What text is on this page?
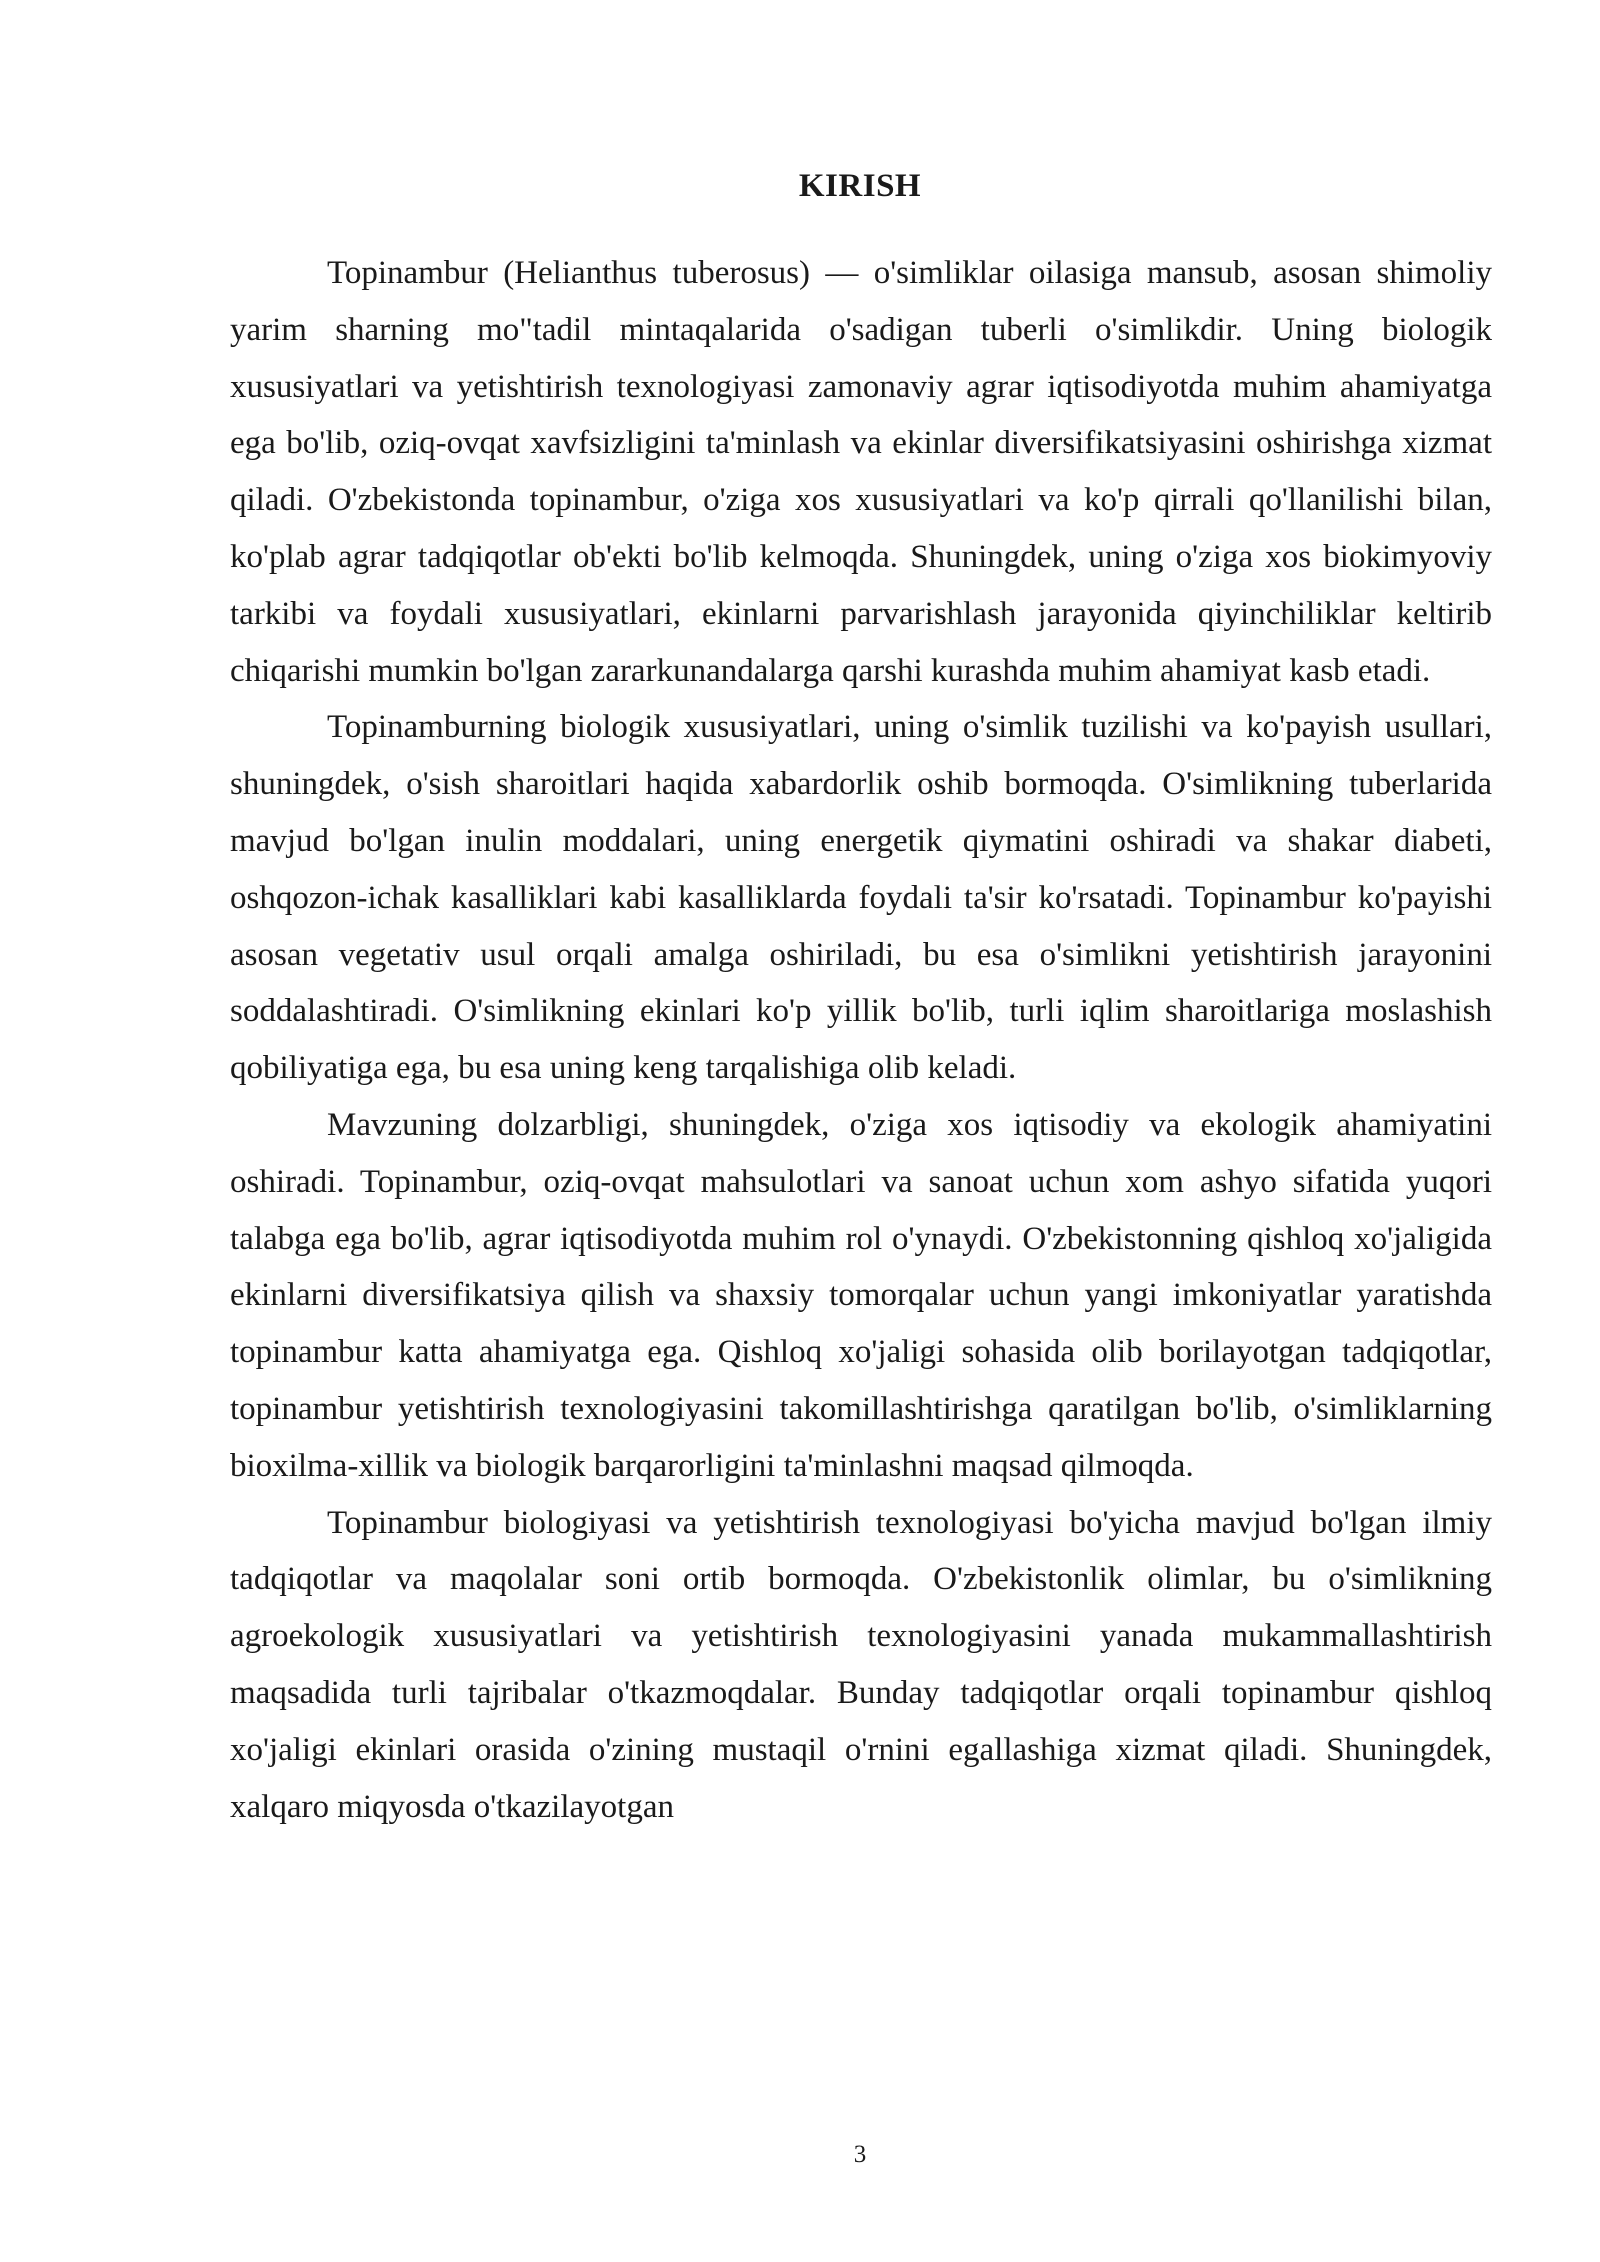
KIRISH

Topinambur (Helianthus tuberosus) — o'simliklar oilasiga mansub, asosan shimoliy yarim sharning mo"tadil mintaqalarida o'sadigan tuberli o'simlikdir. Uning biologik xususiyatlari va yetishtirish texnologiyasi zamonaviy agrar iqtisodiyotda muhim ahamiyatga ega bo'lib, oziq-ovqat xavfsizligini ta'minlash va ekinlar diversifikatsiyasini oshirishga xizmat qiladi. O'zbekistonda topinambur, o'ziga xos xususiyatlari va ko'p qirrali qo'llanilishi bilan, ko'plab agrar tadqiqotlar ob'ekti bo'lib kelmoqda. Shuningdek, uning o'ziga xos biokimyoviy tarkibi va foydali xususiyatlari, ekinlarni parvarishlash jarayonida qiyinchiliklar keltirib chiqarishi mumkin bo'lgan zararkunandalarga qarshi kurashda muhim ahamiyat kasb etadi.

Topinamburning biologik xususiyatlari, uning o'simlik tuzilishi va ko'payish usullari, shuningdek, o'sish sharoitlari haqida xabardorlik oshib bormoqda. O'simlikning tuberlarida mavjud bo'lgan inulin moddalari, uning energetik qiymatini oshiradi va shakar diabeti, oshqozon-ichak kasalliklari kabi kasalliklarda foydali ta'sir ko'rsatadi. Topinambur ko'payishi asosan vegetativ usul orqali amalga oshiriladi, bu esa o'simlikni yetishtirish jarayonini soddalashtiradi. O'simlikning ekinlari ko'p yillik bo'lib, turli iqlim sharoitlariga moslashish qobiliyatiga ega, bu esa uning keng tarqalishiga olib keladi.

Mavzuning dolzarbligi, shuningdek, o'ziga xos iqtisodiy va ekologik ahamiyatini oshiradi. Topinambur, oziq-ovqat mahsulotlari va sanoat uchun xom ashyo sifatida yuqori talabga ega bo'lib, agrar iqtisodiyotda muhim rol o'ynaydi. O'zbekistonning qishloq xo'jaligida ekinlarni diversifikatsiya qilish va shaxsiy tomorqalar uchun yangi imkoniyatlar yaratishda topinambur katta ahamiyatga ega. Qishloq xo'jaligi sohasida olib borilayotgan tadqiqotlar, topinambur yetishtirish texnologiyasini takomillashtirishga qaratilgan bo'lib, o'simliklarning bioxilma-xillik va biologik barqarorligini ta'minlashni maqsad qilmoqda.

Topinambur biologiyasi va yetishtirish texnologiyasi bo'yicha mavjud bo'lgan ilmiy tadqiqotlar va maqolalar soni ortib bormoqda. O'zbekistonlik olimlar, bu o'simlikning agroekologik xususiyatlari va yetishtirish texnologiyasini yanada mukammallashtirish maqsadida turli tajribalar o'tkazmoqdalar. Bunday tadqiqotlar orqali topinambur qishloq xo'jaligi ekinlari orasida o'zining mustaqil o'rnini egallashiga xizmat qiladi. Shuningdek, xalqaro miqyosda o'tkazilayotgan

3
